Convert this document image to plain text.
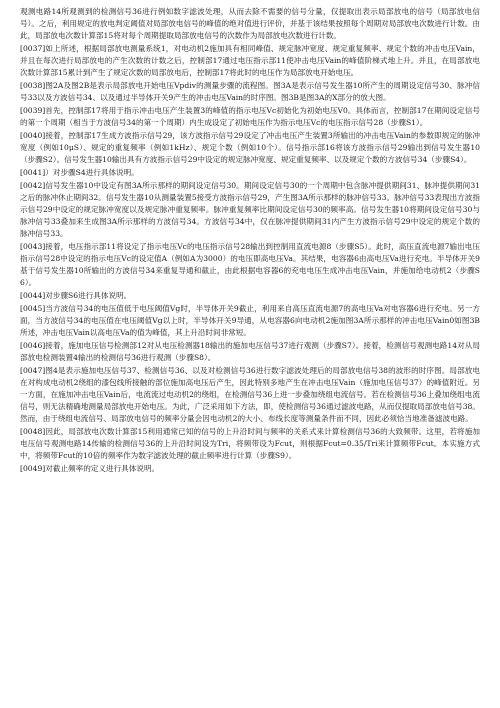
观测电路14所观测到的检测信号36进行例如数字滤波处理，从而去除不需要的信号分量，仅提取出表示局部放电的信号（局部放电信号）。之后，利用规定的放电判定阈值对局部放电信号的峰值的绝对值进行评价，并基于该结果按照每个周期对局部放电次数进行计数。由此，局部放电次数计算部15将对每个周期提取局部放电信号的次数作为局部放电次数进行计数。

[0037]如上所述，根据局部放电测量系统1，对电动机2施加具有相同峰值、规定脉冲宽度、规定重复频率、规定个数的冲击电压Vain，并且在每次进行局部放电的产生次数的计数之后，控制部17通过电压指示部11使冲击电压Vain的峰值阶梯式地上升。并且，在局部放电次数计算部15累计到产生了规定次数的局部放电后，控制部17将此时的电压作为局部放电开始电压。

[0038]图2A及图2B是表示局部放电开始电压Vpdiv的测量步骤的流程图。图3A是表示信号发生器10所产生的周期设定信号30、脉冲信号33以及方波信号34、以及通过半导体开关9产生的冲击电压Vain的时序图。图3B是图3A的X部分的放大图。

[0039]首先，控制部17将用于指示冲击电压产生装置3的峰值的指示电压Vc初始化为初始电压V0。具体而言，控制部17在期间设定信号的第一个周期（相当于方波信号34的第一个周期）内生成设定了初始电压作为指示电压Vc的电压指示信号28（步骤S1）。

[0040]接着，控制部17生成方波指示信号29，该方波指示信号29设定了冲击电压产生装置3所输出的冲击电压Vain的参数即规定的脉冲宽度（例如10μS）、规定的重复频率（例如1kHz）、规定个数（例如10个）。信号指示部16将该方波指示信号29输出到信号发生器10（步骤S2）。信号发生器10输出具有方波指示信号29中设定的规定脉冲宽度、规定重复频率、以及规定个数的方波信号34（步骤S4）。

[0041]）对步骤S4进行具体说明。

[0042]信号发生器10中设定有图3A所示那样的期间设定信号30。期间设定信号30的一个周期中包含脉冲提供期间31、脉冲提供期间31之后的脉冲休止期间32。信号发生器10从测量装置5接受方波指示信号29，产生图3A所示那样的脉冲信号33。脉冲信号33表现出方波指示信号29中设定的规定脉冲宽度以及规定脉冲重复频率。脉冲重复频率比期间设定信号30的频率高。信号发生器10将期间设定信号30与脉冲信号33叠加来生成图3A所示那样的方波信号34。方波信号34中，仅在脉冲提供期间31内产生方波指示信号29中设定的规定个数的脉冲信号33。

[0043]接着，电压指示部11将设定了指示电压Vc的电压指示信号28输出到控制用直流电源8（步骤S5）。此时，高压直流电源7输出电压指示信号28中设定的指示电压Vc的设定值A（例如A为3000）的电压即高电压Va。其结果，电容器6由高电压Va进行充电。半导体开关9基于信号发生器10所输出的方波信号34来重复导通和截止，由此根据电容器6的充电电压生成冲击电压Vain，并施加给电动机2（步骤S6）。

[0044]对步骤S6进行具体说明。

[0045]当方波信号34的电压值低于电压阈值Vg时，半导体开关9截止，利用来自高压直流电源7的高电压Va对电容器6进行充电。另一方面，当方波信号34的电压值在电压阈值Vg以上时，半导体开关9导通，从电容器6向电动机2施加图3A所示那样的冲击电压Vain0如图3B所述，冲击电压Vain以高电压Va的值为峰值，其上升沿时间非常短。

[0046]接着，施加电压信号检测部12对从电压检测器18输出的施加电压信号37进行观测（步骤S7）。接着，检测信号观测电路14对从局部放电检测装置4输出的检测信号36进行观测（步骤S8）。

[0047]图4是表示施加电压信号37、检测信号36、以及对检测信号36进行数字滤波处理后的局部放电信号38的波形的时序图。局部放电在对构成电动机2绕组的漆包线所接触的部位施加高电压后产生，因此特别多地产生在冲击电压Vain（施加电压信号37）的峰值附近。另一方面，在施加冲击电压Vain后，电流流过电动机2的绕组，在检测信号36上进一步叠加绕组电流信号。若在检测信号36上叠加绕组电流信号，则无法精确地测量局部放电开始电压。为此，广泛采用如下方法，即，使检测信号36通过滤波电路，从而仅提取局部放电信号38。然而，由于绕组电流信号、局部放电信号的频率分量会因电动机2的大小、布线长度等测量条件而不同，因此必须恰当地准备滤波电路。

[0048]因此，局部放电次数计算部15利用通常已知的信号的上升沿时间与频率的关系式来计算检测信号36的大致频带。这里，若将施加电压信号观测电路14传输的检测信号36的上升沿时间设为Tri，将频带设为Fcut，则根据Fcut=0.35/Tri来计算频带Fcut。本实施方式中，将频带Fcut的10倍的频率作为数字滤波处理的截止频率进行计算（步骤S9）。

[0049]对截止频率的定义进行具体说明。
